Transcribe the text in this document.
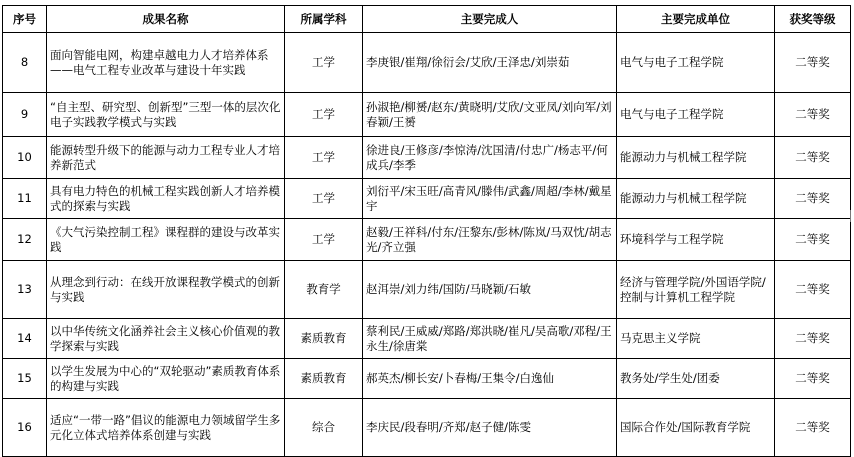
序号	成果名称	所属学科	主要完成人	主要完成单位	获奖等级
8	面向智能电网，构建卓越电力人才培养体系——电气工程专业改革与建设十年实践	工学	李庚银/崔翔/徐衍会/艾欣/王泽忠/刘崇茹	电气与电子工程学院	二等奖
9	“自主型、研究型、创新型”三型一体的层次化电子实践教学模式与实践	工学	孙淑艳/柳赟/赵东/黄晓明/艾欣/文亚凤/刘向军/刘春颖/王赟	电气与电子工程学院	二等奖
10	能源转型升级下的能源与动力工程专业人才培养新范式	工学	徐进良/王修彦/李惊涛/沈国清/付忠广/杨志平/何成兵/李季	能源动力与机械工程学院	二等奖
11	具有电力特色的机械工程实践创新人才培养模式的探索与实践	工学	刘衍平/宋玉旺/高青风/滕伟/武鑫/周超/李林/戴星宇	能源动力与机械工程学院	二等奖
12	《大气污染控制工程》课程群的建设与改革实践	工学	赵毅/王祥科/付东/汪黎东/彭林/陈岚/马双忱/胡志光/齐立强	环境科学与工程学院	二等奖
13	从理念到行动：在线开放课程教学模式的创新与实践	教育学	赵洱崇/刘力纬/国防/马晓颖/石敏	经济与管理学院/外国语学院/控制与计算机工程学院	二等奖
14	以中华传统文化涵养社会主义核心价值观的教学探索与实践	素质教育	蔡利民/王威威/郑路/郑洪晓/崔凡/吴高歌/邓程/王永生/徐唐棠	马克思主义学院	二等奖
15	以学生发展为中心的“双轮驱动”素质教育体系的构建与实践	素质教育	郝英杰/柳长安/卜春梅/王集令/白逸仙	教务处/学生处/团委	二等奖
16	适应“一带一路”倡议的能源电力领域留学生多元化立体式培养体系创建与实践	综合	李庆民/段春明/齐郑/赵子健/陈雯	国际合作处/国际教育学院	二等奖
